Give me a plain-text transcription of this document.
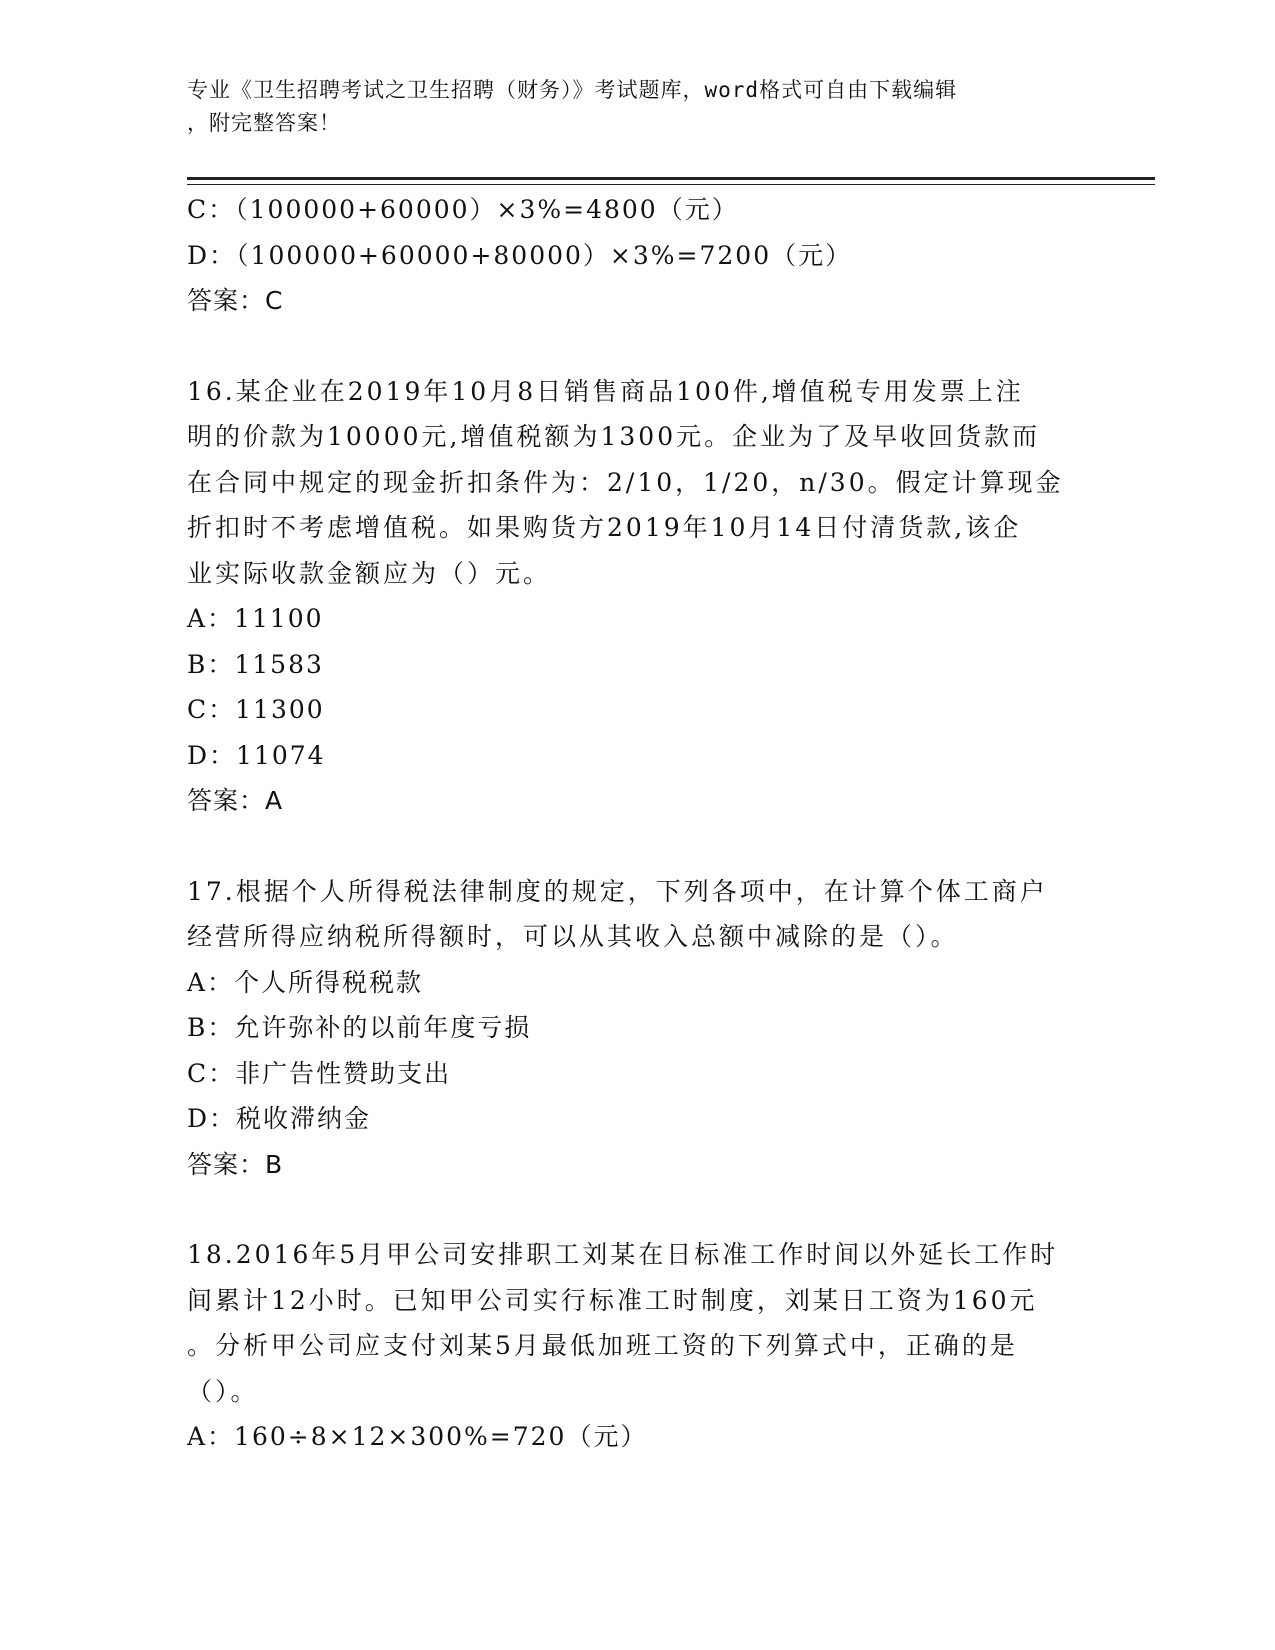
专业《卫生招聘考试之卫生招聘（财务）》考试题库，word格式可自由下载编辑
，附完整答案！
C：（100000+60000）×3%=4800（元）
D：（100000+60000+80000）×3%=7200（元）
答案：C
16.某企业在2019年10月8日销售商品100件,增值税专用发票上注
明的价款为10000元,增值税额为1300元。企业为了及早收回货款而
在合同中规定的现金折扣条件为：2/10，1/20，n/30。假定计算现金
折扣时不考虑增值税。如果购货方2019年10月14日付清货款,该企
业实际收款金额应为（）元。
A：11100
B：11583
C：11300
D：11074
答案：A
17.根据个人所得税法律制度的规定，下列各项中，在计算个体工商户
经营所得应纳税所得额时，可以从其收入总额中减除的是（）。
A：个人所得税税款
B：允许弥补的以前年度亏损
C：非广告性赞助支出
D：税收滞纳金
答案：B
18.2016年5月甲公司安排职工刘某在日标准工作时间以外延长工作时
间累计12小时。已知甲公司实行标准工时制度，刘某日工资为160元
。分析甲公司应支付刘某5月最低加班工资的下列算式中，正确的是
（）。
A：160÷8×12×300%=720（元）
